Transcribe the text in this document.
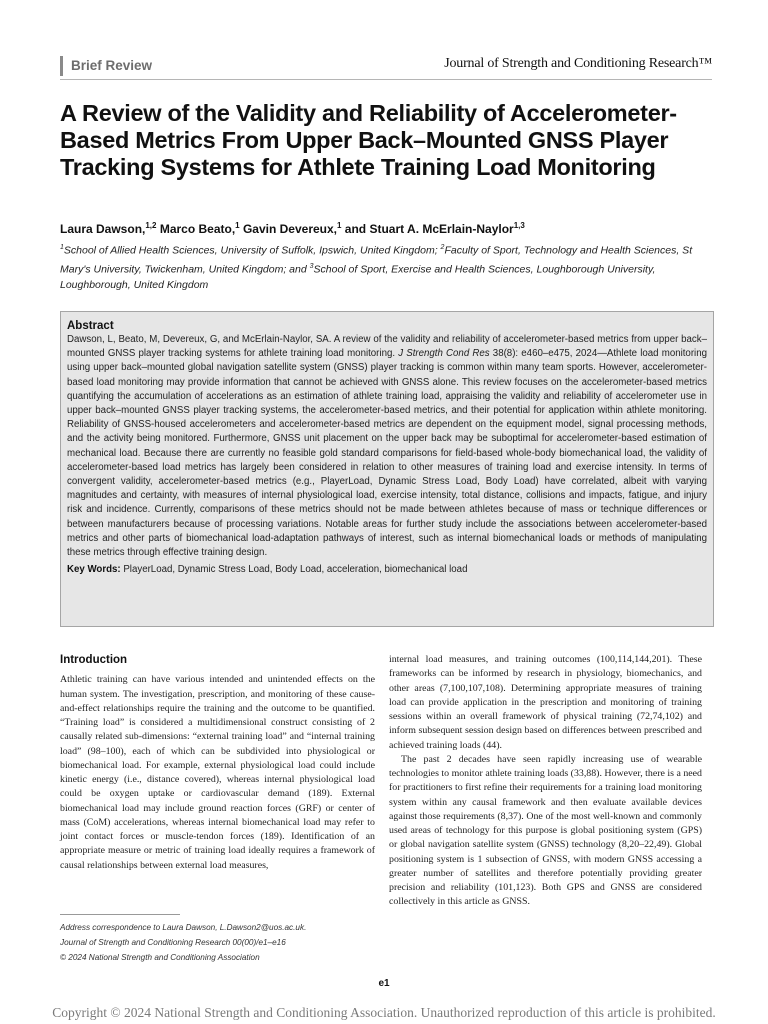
Brief Review	Journal of Strength and Conditioning Research™
A Review of the Validity and Reliability of Accelerometer-Based Metrics From Upper Back–Mounted GNSS Player Tracking Systems for Athlete Training Load Monitoring
Laura Dawson,$^{1,2}$ Marco Beato,$^1$ Gavin Devereux,$^1$ and Stuart A. McErlain-Naylor$^{1,3}$
$^1$School of Allied Health Sciences, University of Suffolk, Ipswich, United Kingdom; $^2$Faculty of Sport, Technology and Health Sciences, St Mary's University, Twickenham, United Kingdom; and $^3$School of Sport, Exercise and Health Sciences, Loughborough University, Loughborough, United Kingdom
Abstract
Dawson, L, Beato, M, Devereux, G, and McErlain-Naylor, SA. A review of the validity and reliability of accelerometer-based metrics from upper back–mounted GNSS player tracking systems for athlete training load monitoring. J Strength Cond Res 38(8): e460–e475, 2024—Athlete load monitoring using upper back–mounted global navigation satellite system (GNSS) player tracking is common within many team sports. However, accelerometer-based load monitoring may provide information that cannot be achieved with GNSS alone. This review focuses on the accelerometer-based metrics quantifying the accumulation of accelerations as an estimation of athlete training load, appraising the validity and reliability of accelerometer use in upper back–mounted GNSS player tracking systems, the accelerometer-based metrics, and their potential for application within athlete monitoring. Reliability of GNSS-housed accelerometers and accelerometer-based metrics are dependent on the equipment model, signal processing methods, and the activity being monitored. Furthermore, GNSS unit placement on the upper back may be suboptimal for accelerometer-based estimation of mechanical load. Because there are currently no feasible gold standard comparisons for field-based whole-body biomechanical load, the validity of accelerometer-based load metrics has largely been considered in relation to other measures of training load and exercise intensity. In terms of convergent validity, accelerometer-based metrics (e.g., PlayerLoad, Dynamic Stress Load, Body Load) have correlated, albeit with varying magnitudes and certainty, with measures of internal physiological load, exercise intensity, total distance, collisions and impacts, fatigue, and injury risk and incidence. Currently, comparisons of these metrics should not be made between athletes because of mass or technique differences or between manufacturers because of processing variations. Notable areas for further study include the associations between accelerometer-based metrics and other parts of biomechanical load-adaptation pathways of interest, such as internal biomechanical loads or methods of manipulating these metrics through effective training design.
Key Words: PlayerLoad, Dynamic Stress Load, Body Load, acceleration, biomechanical load
Introduction

Athletic training can have various intended and unintended effects on the human system. The investigation, prescription, and monitoring of these cause-and-effect relationships require the training and the outcome to be quantified. “Training load” is considered a multidimensional construct consisting of 2 causally related sub-dimensions: “external training load” and “internal training load” (98–100), each of which can be subdivided into physiological or biomechanical load. For example, external physiological load could include kinetic energy (i.e., distance covered), whereas internal physiological load could be oxygen uptake or cardiovascular demand (189). External biomechanical load may include ground reaction forces (GRF) or center of mass (CoM) accelerations, whereas internal biomechanical load may refer to joint contact forces or muscle-tendon forces (189). Identification of an appropriate measure or metric of training load ideally requires a framework of causal relationships between external load measures,

internal load measures, and training outcomes (100,114,144,201). These frameworks can be informed by research in physiology, biomechanics, and other areas (7,100,107,108). Determining appropriate measures of training load can provide application in the prescription and monitoring of training sessions within an overall framework of physical training (72,74,102) and inform subsequent session design based on differences between prescribed and achieved training loads (44).

The past 2 decades have seen rapidly increasing use of wearable technologies to monitor athlete training loads (33,88). However, there is a need for practitioners to first refine their requirements for a training load monitoring system within any causal framework and then evaluate available devices against those requirements (8,37). One of the most well-known and commonly used areas of technology for this purpose is global positioning system (GPS) or global navigation satellite system (GNSS) technology (8,20–22,49). Global positioning system is 1 subsection of GNSS, with modern GNSS accessing a greater number of satellites and therefore potentially providing greater precision and reliability (101,123). Both GPS and GNSS are considered collectively in this article as GNSS.

Address correspondence to Laura Dawson, L.Dawson2@uos.ac.uk.
Journal of Strength and Conditioning Research 00(00)/e1–e16
© 2024 National Strength and Conditioning Association
e1
Copyright © 2024 National Strength and Conditioning Association. Unauthorized reproduction of this article is prohibited.
